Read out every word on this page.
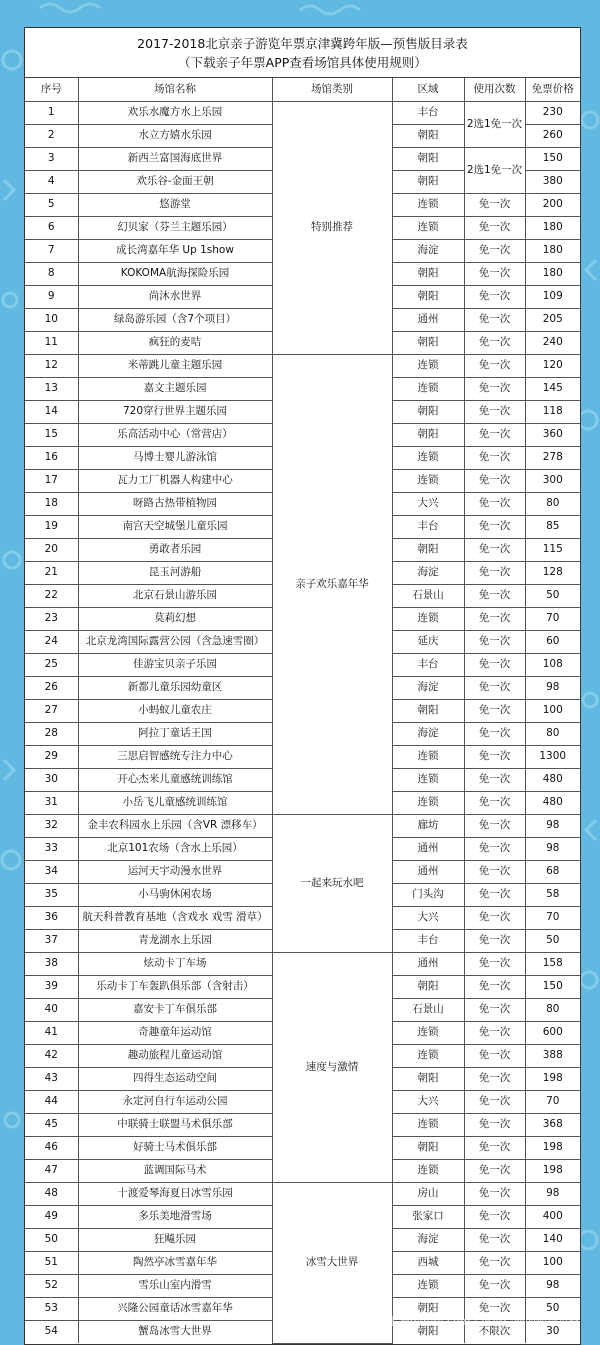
2017-2018北京亲子游览年票京津冀跨年版—预售版目录表
（下载亲子年票APP查看场馆具体使用规则）
序号	场馆名称	场馆类别	区域	使用次数	免票价格
1	欢乐水魔方水上乐园	特别推荐	丰台	2选1免一次	230
2	水立方嬉水乐园		朝阳		260
3	新西兰富国海底世界		朝阳	2选1免一次	150
4	欢乐谷-金面王朝		朝阳		380
5	悠游堂		连锁	免一次	200
6	幻贝家（芬兰主题乐园）		连锁	免一次	180
7	成长湾嘉年华 Up 1show		海淀	免一次	180
8	KOKOMA航海探险乐园		朝阳	免一次	180
9	尚沐水世界		朝阳	免一次	109
10	绿岛游乐园（含7个项目）		通州	免一次	205
11	疯狂的麦咭		朝阳	免一次	240
12	米蒂跳儿童主题乐园	亲子欢乐嘉年华	连锁	免一次	120
13	嘉文主题乐园		连锁	免一次	145
14	720穿行世界主题乐园		朝阳	免一次	118
15	乐高活动中心（常营店）		朝阳	免一次	360
16	马博士婴儿游泳馆		连锁	免一次	278
17	瓦力工厂机器人构建中心		连锁	免一次	300
18	呀路古热带植物园		大兴	免一次	80
19	南宫天空城堡儿童乐园		丰台	免一次	85
20	勇敢者乐园		朝阳	免一次	115
21	昆玉河游船		海淀	免一次	128
22	北京石景山游乐园		石景山	免一次	50
23	莫莉幻想		连锁	免一次	70
24	北京龙湾国际露营公园（含急速雪圈）		延庆	免一次	60
25	佳游宝贝亲子乐园		丰台	免一次	108
26	新都儿童乐园幼童区		海淀	免一次	98
27	小蚂蚁儿童农庄		朝阳	免一次	100
28	阿拉丁童话王国		海淀	免一次	80
29	三思启智感统专注力中心		连锁	免一次	1300
30	开心杰米儿童感统训练馆		连锁	免一次	480
31	小岳飞儿童感统训练馆		连锁	免一次	480
32	金丰农科园水上乐园（含VR 漂移车）	一起来玩水吧	廊坊	免一次	98
33	北京101农场（含水上乐园）		通州	免一次	98
34	运河天宇动漫水世界		通州	免一次	68
35	小马驹休闲农场		门头沟	免一次	58
36	航天科普教育基地（含戏水 戏雪 滑草）		大兴	免一次	70
37	青龙湖水上乐园		丰台	免一次	50
38	炫动卡丁车场	速度与激情	通州	免一次	158
39	乐动卡丁车轰趴俱乐部（含射击）		朝阳	免一次	150
40	嘉安卡丁车俱乐部		石景山	免一次	80
41	奇趣童年运动馆		连锁	免一次	600
42	趣动旅程儿童运动馆		连锁	免一次	388
43	四得生态运动空间		朝阳	免一次	198
44	永定河自行车运动公园		大兴	免一次	70
45	中联骑士联盟马术俱乐部		连锁	免一次	368
46	好骑士马术俱乐部		朝阳	免一次	198
47	蓝调国际马术		连锁	免一次	198
48	十渡爱琴海夏日冰雪乐园	冰雪大世界	房山	免一次	98
49	多乐美地滑雪场		张家口	免一次	400
50	狂飚乐园		海淀	免一次	140
51	陶然亭冰雪嘉年华		西城	免一次	100
52	雪乐山室内滑雪		连锁	免一次	98
53	兴隆公园童话冰雪嘉年华		朝阳	免一次	50
54	蟹岛冰雪大世界		朝阳	不限次	30
没得比 Meidebi.com | 值得信赖的购物攻略
